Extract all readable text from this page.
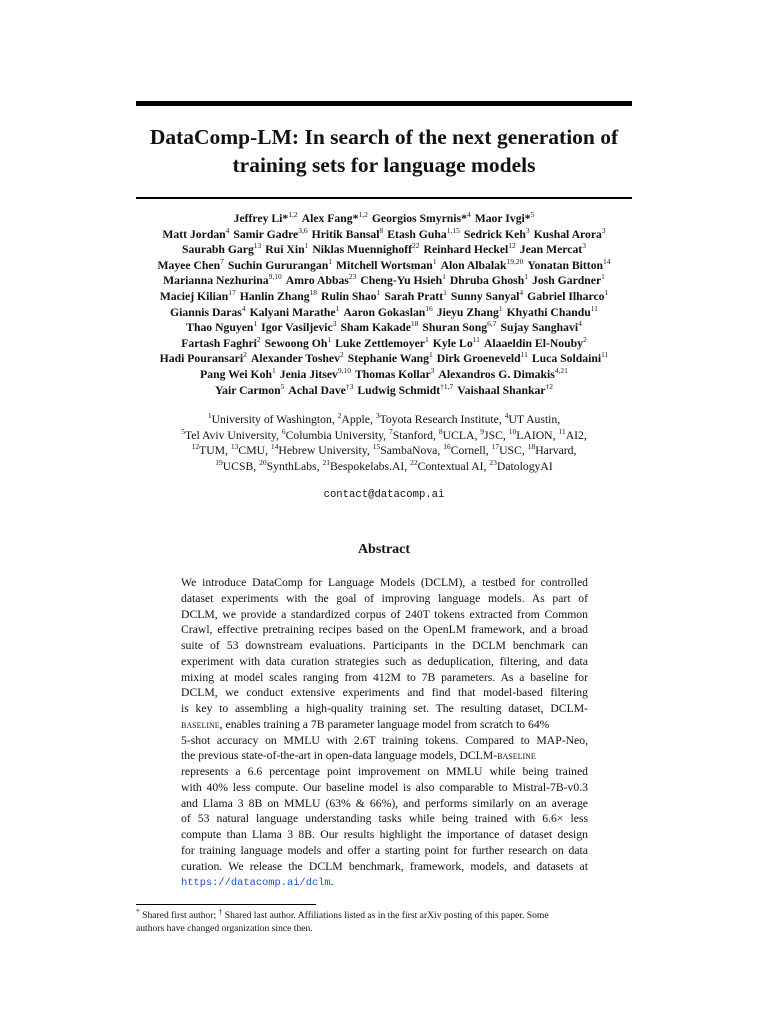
DataComp-LM: In search of the next generation of
training sets for language models
Jeffrey Li*$^{1,2}$ Alex Fang*$^{1,2}$ Georgios Smyrnis*$^4$ Maor Ivgi*$^5$
Matt Jordan$^4$ Samir Gadre$^{3,6}$ Hritik Bansal$^8$ Etash Guha$^{1,15}$ Sedrick Keh$^3$ Kushal Arora$^3$
Saurabh Garg$^{13}$ Rui Xin$^1$ Niklas Muennighoff$^{22}$ Reinhard Heckel$^{12}$ Jean Mercat$^3$
Mayee Chen$^7$ Suchin Gururangan$^1$ Mitchell Wortsman$^1$ Alon Albalak$^{19,20}$ Yonatan Bitton$^{14}$
Marianna Nezhurina$^{9,10}$ Amro Abbas$^{23}$ Cheng-Yu Hsieh$^1$ Dhruba Ghosh$^1$ Josh Gardner$^1$
Maciej Kilian$^{17}$ Hanlin Zhang$^{18}$ Rulin Shao$^1$ Sarah Pratt$^1$ Sunny Sanyal$^4$ Gabriel Ilharco$^1$
Giannis Daras$^4$ Kalyani Marathe$^1$ Aaron Gokaslan$^{16}$ Jieyu Zhang$^1$ Khyathi Chandu$^{11}$
Thao Nguyen$^1$ Igor Vasiljevic$^3$ Sham Kakade$^{18}$ Shuran Song$^{6,7}$ Sujay Sanghavi$^4$
Fartash Faghri$^2$ Sewoong Oh$^1$ Luke Zettlemoyer$^1$ Kyle Lo$^{11}$ Alaaeldin El-Nouby$^2$
Hadi Pouransari$^2$ Alexander Toshev$^2$ Stephanie Wang$^1$ Dirk Groeneveld$^{11}$ Luca Soldaini$^{11}$
Pang Wei Koh$^1$ Jenia Jitsev$^{9,10}$ Thomas Kollar$^3$ Alexandros G. Dimakis$^{4,21}$
Yair Carmon$^5$ Achal Dave$^{\dagger 3}$ Ludwig Schmidt$^{\dagger 1,7}$ Vaishaal Shankar$^{\dagger 2}$
$^1$University of Washington, $^2$Apple, $^3$Toyota Research Institute, $^4$UT Austin,
$^5$Tel Aviv University, $^6$Columbia University, $^7$Stanford, $^8$UCLA, $^9$JSC, $^{10}$LAION, $^{11}$AI2,
$^{12}$TUM, $^{13}$CMU, $^{14}$Hebrew University, $^{15}$SambaNova, $^{16}$Cornell, $^{17}$USC, $^{18}$Harvard,
$^{19}$UCSB, $^{20}$SynthLabs, $^{21}$Bespokelabs.AI, $^{22}$Contextual AI, $^{23}$DatologyAI
contact@datacomp.ai
Abstract
We introduce DataComp for Language Models (DCLM), a testbed for controlled
dataset experiments with the goal of improving language models. As part of
DCLM, we provide a standardized corpus of 240T tokens extracted from Common
Crawl, effective pretraining recipes based on the OpenLM framework, and a broad
suite of 53 downstream evaluations. Participants in the DCLM benchmark can
experiment with data curation strategies such as deduplication, filtering, and data
mixing at model scales ranging from 412M to 7B parameters. As a baseline for
DCLM, we conduct extensive experiments and find that model-based filtering
is key to assembling a high-quality training set. The resulting dataset, DCLM-
baseline, enables training a 7B parameter language model from scratch to 64%
5-shot accuracy on MMLU with 2.6T training tokens. Compared to MAP-Neo,
the previous state-of-the-art in open-data language models, DCLM-baseline
represents a 6.6 percentage point improvement on MMLU while being trained
with 40% less compute. Our baseline model is also comparable to Mistral-7B-v0.3
and Llama 3 8B on MMLU (63% & 66%), and performs similarly on an average
of 53 natural language understanding tasks while being trained with 6.6× less
compute than Llama 3 8B. Our results highlight the importance of dataset design
for training language models and offer a starting point for further research on data
curation. We release the DCLM benchmark, framework, models, and datasets at
https://datacomp.ai/dclm.
* Shared first author; † Shared last author. Affiliations listed as in the first arXiv posting of this paper. Some
authors have changed organization since then.
